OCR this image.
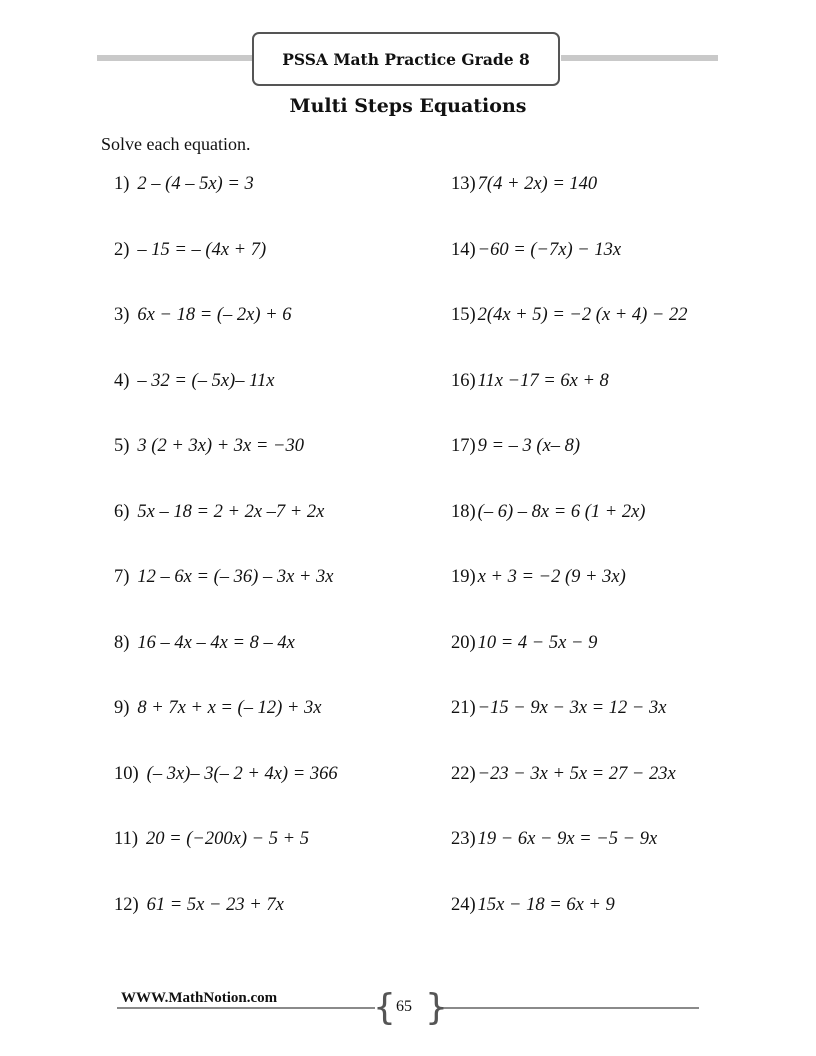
PSSA Math Practice Grade 8
Multi Steps Equations
Solve each equation.
1) 2 – (4 – 5x) = 3
2) – 15 = – (4x + 7)
3) 6x − 18 = (– 2x) + 6
4) – 32 = (– 5x)– 11x
5) 3 (2 + 3x) + 3x = −30
6) 5x – 18 = 2 + 2x –7 + 2x
7) 12 – 6x = (– 36) – 3x + 3x
8) 16 – 4x – 4x = 8 – 4x
9) 8 + 7x + x = (– 12) + 3x
10) (– 3x)– 3(– 2 + 4x) = 366
11) 20 = (−200x) − 5 + 5
12) 61 = 5x − 23 + 7x
13) 7(4 + 2x) = 140
14) −60 = (−7x) − 13x
15) 2(4x + 5) = −2 (x + 4) − 22
16) 11x −17 = 6x + 8
17) 9 = – 3 (x– 8)
18) (– 6) – 8x = 6 (1 + 2x)
19) x + 3 = −2 (9 + 3x)
20) 10 = 4 − 5x − 9
21) −15 − 9x − 3x = 12 − 3x
22) −23 − 3x + 5x = 27 − 23x
23) 19 − 6x − 9x = −5 − 9x
24) 15x − 18 = 6x + 9
WWW.MathNotion.com	{ }
65
